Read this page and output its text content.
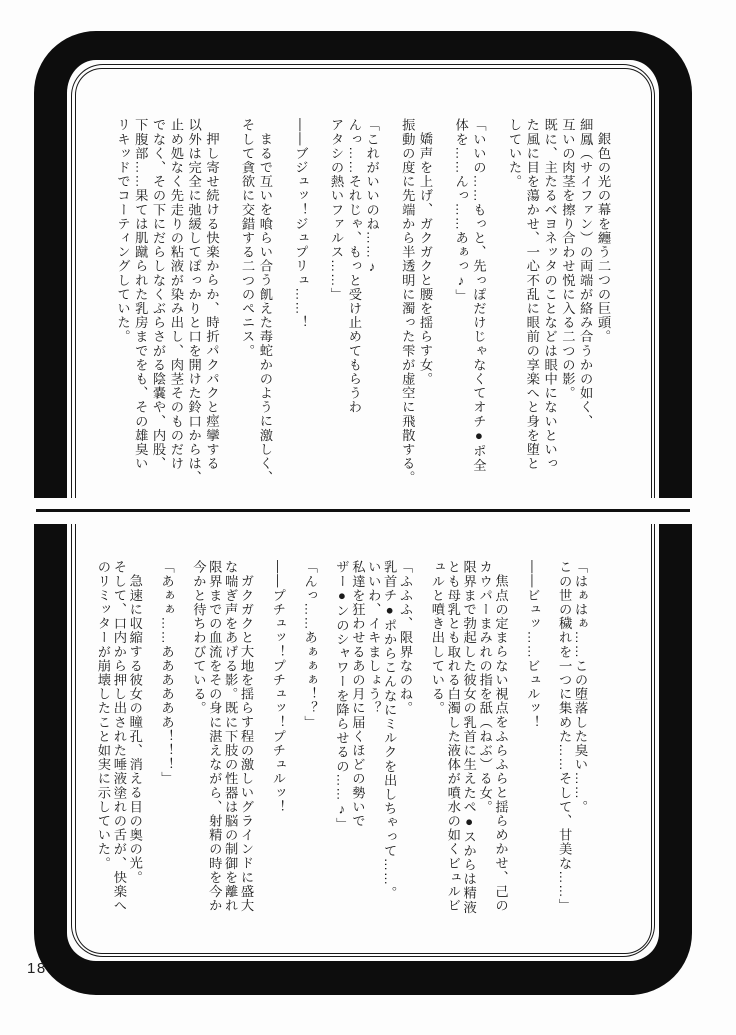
銀色の光の幕を纏う二つの巨頭。

細鳳（サイファン）の両端が絡み合うかの如く、

互いの肉茎を擦り合わせ悦に入る二つの影。

既に、主たるベヨネッタのことなどは眼中にないといっ

た風に目を蕩かせ、一心不乱に眼前の享楽へと身を堕と

していた。

「いいの……もっと、先っぽだけじゃなくてオチ●ポ全

体を……んっ……あぁっ♪」

嬌声を上げ、ガクガクと腰を揺らす女。

振動の度に先端から半透明に濁った雫が虚空に飛散する。

「これがいいのね……♪

んっ……それじゃ、もっと受け止めてもらうわ

アタシの熱いファルス……」

――ブジュッ！ジュプリュ……！

まるで互いを喰らい合う飢えた毒蛇かのように激しく、

そして貪欲に交錯する二つのペニス。

押し寄せ続ける快楽からか、時折パクパクと痙攣する

以外は完全に弛緩してぽっかりと口を開けた鈴口からは、

止め処なく先走りの粘液が染み出し、肉茎そのものだけ

でなく、その下にだらしなくぶらさがる陰嚢や、内股、

下腹部……果ては肌蹴られた乳房までをも、その雄臭い

リキッドでコーティングしていた。

「はぁはぁ……この堕落した臭い……。

この世の穢れを一つに集めた……そして、甘美な……」

――ビュッ……ビュルッ！

焦点の定まらない視点をふらふらと揺らめかせ、己の

カウパーまみれの指を舐（ねぶ）る女。

限界まで勃起した彼女の乳首に生えたペ●スからは精液

とも母乳とも取れる白濁した液体が噴水の如くビュルビ

ュルと噴き出している。

「ふふふ、限界なのね。

乳首チ●ポからこんなにミルクを出しちゃって……。

いいわ、イキましょう？

私達を狂わせるあの月に届くほどの勢いで

ザー●ンのシャワーを降らせるの……♪」

「んっ……あぁぁぁ！？」

――プチュッ！プチュッ！プチュルッ！

ガクガクと大地を揺らす程の激しいグラインドに盛大

な喘ぎ声をあげる影。既に下肢の性器は脳の制御を離れ

限界までの血流をその身に湛えながら、射精の時を今か

今かと待ちわびている。

「あぁぁ……ああああああ！！！」

急速に収縮する彼女の瞳孔、消える目の奥の光。

そして、口内から押し出された唾液塗れの舌が、快楽へ

のリミッターが崩壊したこと如実に示していた。

18
